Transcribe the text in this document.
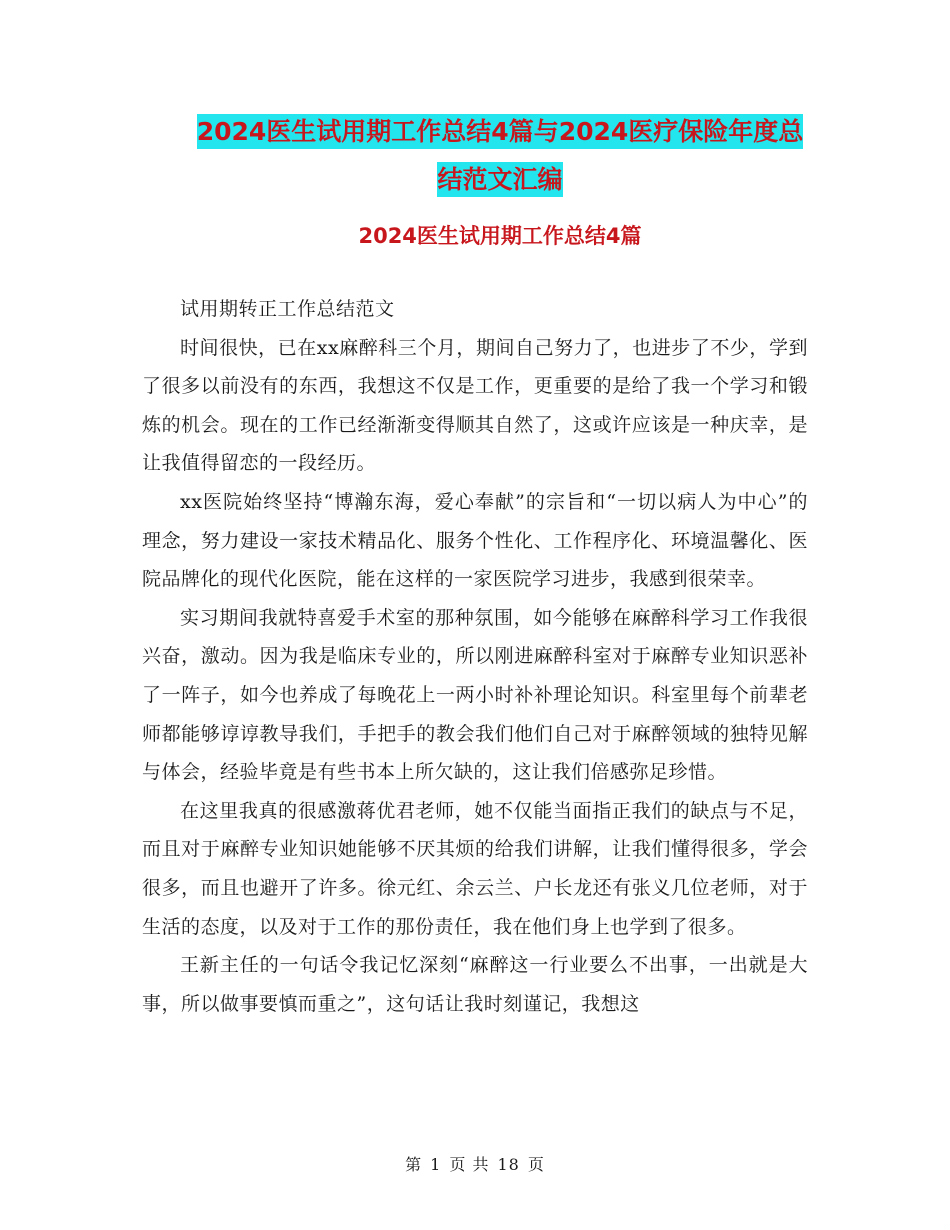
2024医生试用期工作总结4篇与2024医疗保险年度总
结范文汇编
2024医生试用期工作总结4篇

试用期转正工作总结范文

时间很快，已在xx麻醉科三个月，期间自己努力了，也进步了不少，学到了很多以前没有的东西，我想这不仅是工作，更重要的是给了我一个学习和锻炼的机会。现在的工作已经渐渐变得顺其自然了，这或许应该是一种庆幸，是让我值得留恋的一段经历。

xx医院始终坚持“博瀚东海，爱心奉献”的宗旨和“一切以病人为中心”的理念，努力建设一家技术精品化、服务个性化、工作程序化、环境温馨化、医院品牌化的现代化医院，能在这样的一家医院学习进步，我感到很荣幸。

实习期间我就特喜爱手术室的那种氛围，如今能够在麻醉科学习工作我很兴奋，激动。因为我是临床专业的，所以刚进麻醉科室对于麻醉专业知识恶补了一阵子，如今也养成了每晚花上一两小时补补理论知识。科室里每个前辈老师都能够谆谆教导我们，手把手的教会我们他们自己对于麻醉领域的独特见解与体会，经验毕竟是有些书本上所欠缺的，这让我们倍感弥足珍惜。

在这里我真的很感激蒋优君老师，她不仅能当面指正我们的缺点与不足，而且对于麻醉专业知识她能够不厌其烦的给我们讲解，让我们懂得很多，学会很多，而且也避开了许多。徐元红、余云兰、户长龙还有张义几位老师，对于生活的态度，以及对于工作的那份责任，我在他们身上也学到了很多。

王新主任的一句话令我记忆深刻“麻醉这一行业要么不出事，一出就是大事，所以做事要慎而重之”，这句话让我时刻谨记，我想这

第 1 页 共 18 页
